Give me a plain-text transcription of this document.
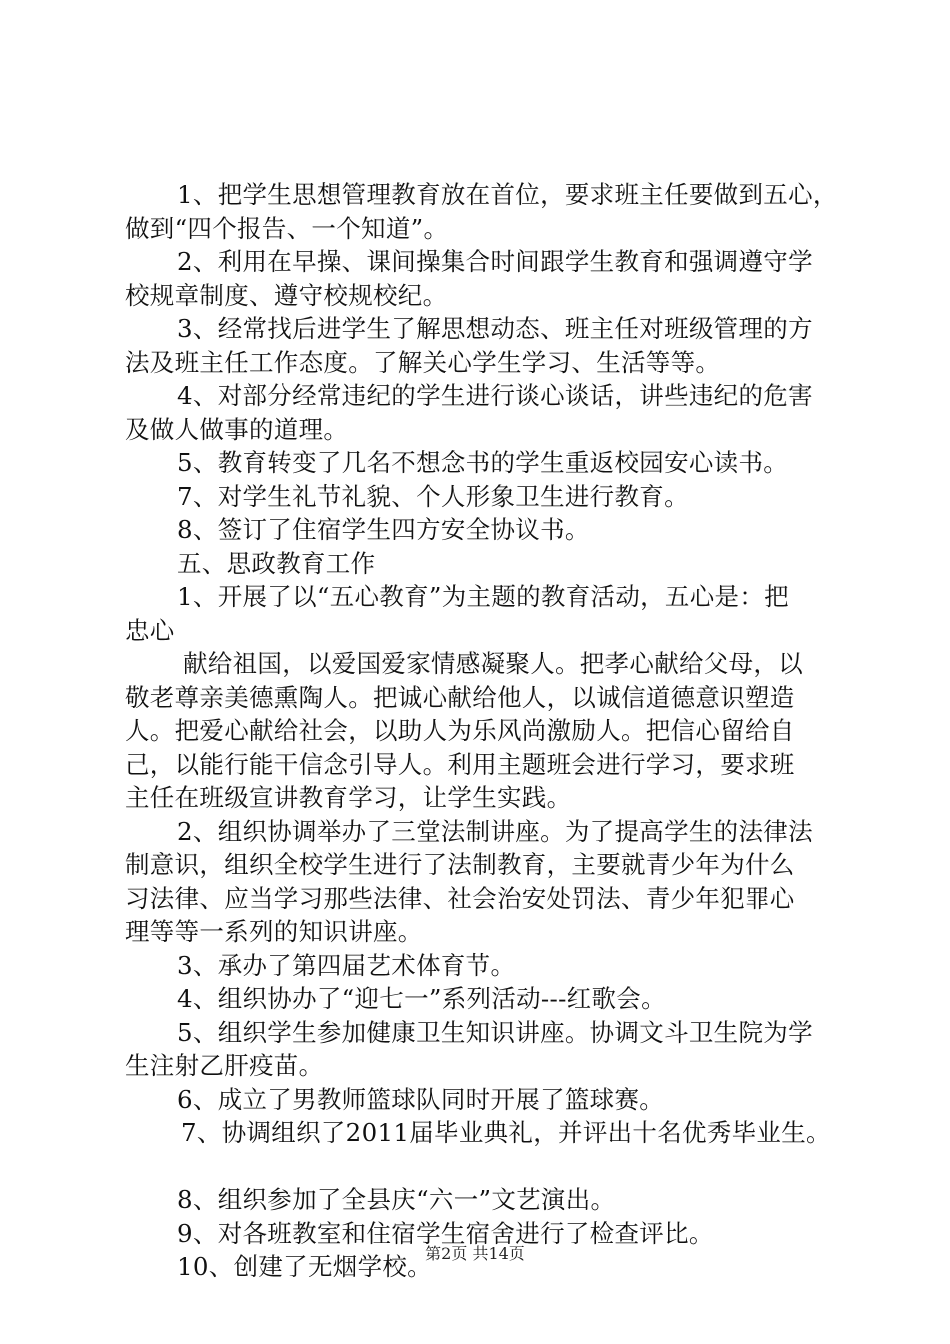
1、把学生思想管理教育放在首位，要求班主任要做到五心，
做到“四个报告、一个知道”。
2、利用在早操、课间操集合时间跟学生教育和强调遵守学
校规章制度、遵守校规校纪。
3、经常找后进学生了解思想动态、班主任对班级管理的方
法及班主任工作态度。了解关心学生学习、生活等等。
4、对部分经常违纪的学生进行谈心谈话，讲些违纪的危害
及做人做事的道理。
5、教育转变了几名不想念书的学生重返校园安心读书。
7、对学生礼节礼貌、个人形象卫生进行教育。
8、签订了住宿学生四方安全协议书。
五、思政教育工作
1、开展了以“五心教育”为主题的教育活动，五心是：把
忠心
献给祖国，以爱国爱家情感凝聚人。把孝心献给父母，以
敬老尊亲美德熏陶人。把诚心献给他人，以诚信道德意识塑造
人。把爱心献给社会，以助人为乐风尚激励人。把信心留给自
己，以能行能干信念引导人。利用主题班会进行学习，要求班
主任在班级宣讲教育学习，让学生实践。
2、组织协调举办了三堂法制讲座。为了提高学生的法律法
制意识，组织全校学生进行了法制教育，主要就青少年为什么
习法律、应当学习那些法律、社会治安处罚法、青少年犯罪心
理等等一系列的知识讲座。
3、承办了第四届艺术体育节。
4、组织协办了“迎七一”系列活动---红歌会。
5、组织学生参加健康卫生知识讲座。协调文斗卫生院为学
生注射乙肝疫苗。
6、成立了男教师篮球队同时开展了篮球赛。
7、协调组织了2011届毕业典礼，并评出十名优秀毕业生。
8、组织参加了全县庆“六一”文艺演出。
9、对各班教室和住宿学生宿舍进行了检查评比。
10、创建了无烟学校。
第2页 共14页
